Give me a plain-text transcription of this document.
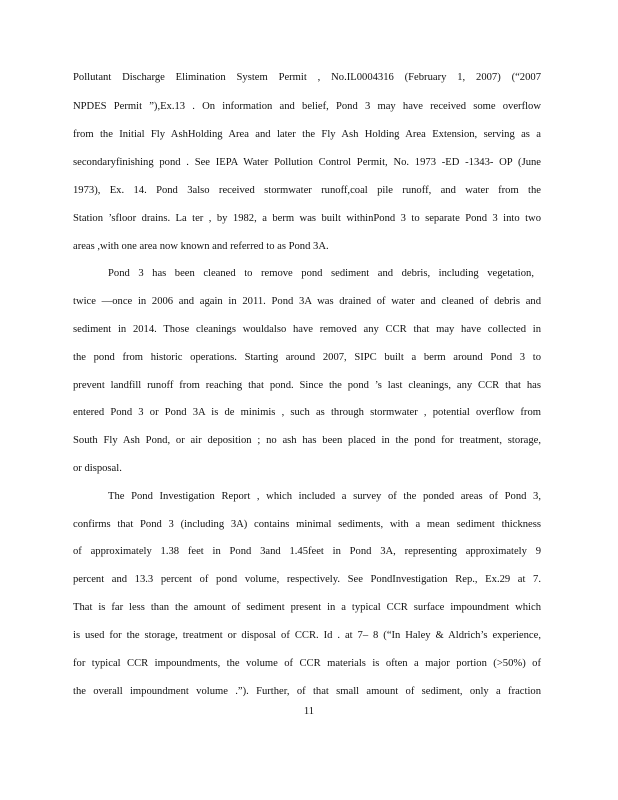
Pollutant Discharge Elimination System Permit , No.IL0004316 (February 1, 2007) (“2007
NPDES Permit ”),Ex.13 . On information and belief, Pond 3 may have received some overflow
from the Initial Fly AshHolding Area and later the Fly Ash Holding Area Extension, serving as a
secondaryfinishing pond . See IEPA Water Pollution Control Permit, No. 1973 -ED -1343- OP (June
1973), Ex. 14. Pond 3also received stormwater runoff,coal pile runoff, and water from the
Station ’sfloor drains. La ter , by 1982, a berm was built withinPond 3 to separate Pond 3 into two
areas ,with one area now known and referred to as Pond 3A.
Pond 3 has been cleaned to remove pond sediment and debris, including vegetation,
twice —once in 2006 and again in 2011. Pond 3A was drained of water and cleaned of debris and
sediment in 2014. Those cleanings wouldalso have removed any CCR that may have collected in
the pond from historic operations. Starting around 2007, SIPC built a berm around Pond 3 to
prevent landfill runoff from reaching that pond. Since the pond ’s last cleanings, any CCR that has
entered Pond 3 or Pond 3A is de minimis , such as through stormwater , potential overflow from
South Fly Ash Pond, or air deposition ; no ash has been placed in the pond for treatment, storage,
or disposal.
The Pond Investigation Report , which included a survey of the ponded areas of Pond 3,
confirms that Pond 3 (including 3A) contains minimal sediments, with a mean sediment thickness
of approximately 1.38 feet in Pond 3and 1.45feet in Pond 3A, representing approximately 9
percent and 13.3 percent of pond volume, respectively. See PondInvestigation Rep., Ex.29 at 7.
That is far less than the amount of sediment present in a typical CCR surface impoundment which
is used for the storage, treatment or disposal of CCR. Id . at 7– 8 (“In Haley & Aldrich’s experience,
for typical CCR impoundments, the volume of CCR materials is often a major portion (>50%) of
the overall impoundment volume .”). Further, of that small amount of sediment, only a fraction
11
